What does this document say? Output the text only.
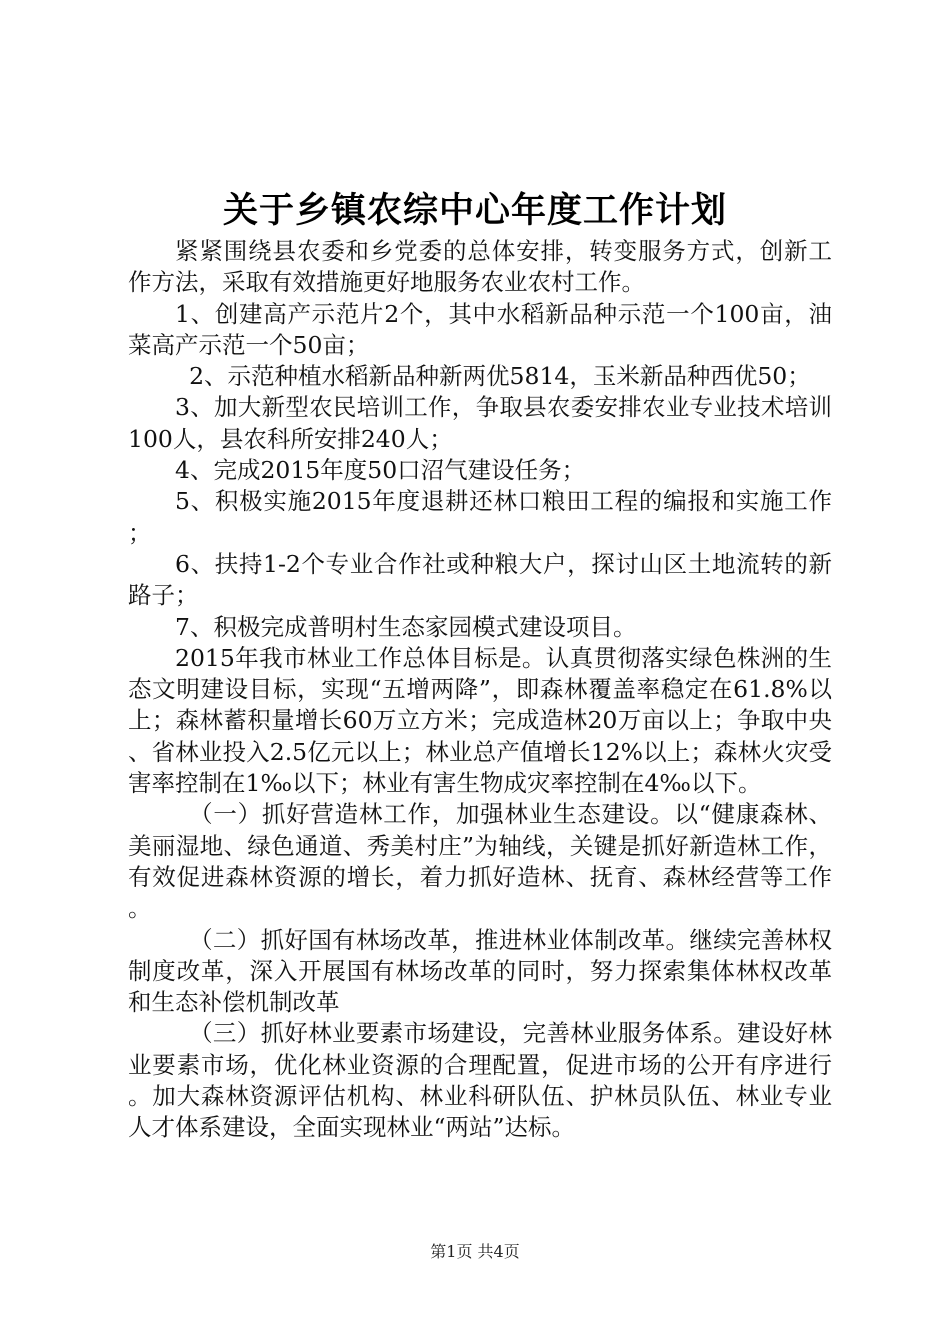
关于乡镇农综中心年度工作计划

紧紧围绕县农委和乡党委的总体安排，转变服务方式，创新工作方法，采取有效措施更好地服务农业农村工作。

1、创建高产示范片2个，其中水稻新品种示范一个100亩，油菜高产示范一个50亩；

2、示范种植水稻新品种新两优5814，玉米新品种西优50；

3、加大新型农民培训工作，争取县农委安排农业专业技术培训100人，县农科所安排240人；

4、完成2015年度50口沼气建设任务；

5、积极实施2015年度退耕还林口粮田工程的编报和实施工作；

6、扶持1-2个专业合作社或种粮大户，探讨山区土地流转的新路子；

7、积极完成普明村生态家园模式建设项目。

2015年我市林业工作总体目标是。认真贯彻落实绿色株洲的生态文明建设目标，实现“五增两降”，即森林覆盖率稳定在61.8%以上；森林蓄积量增长60万立方米；完成造林20万亩以上；争取中央、省林业投入2.5亿元以上；林业总产值增长12%以上；森林火灾受害率控制在1‰以下；林业有害生物成灾率控制在4‰以下。

（一）抓好营造林工作，加强林业生态建设。以“健康森林、美丽湿地、绿色通道、秀美村庄”为轴线，关键是抓好新造林工作，有效促进森林资源的增长，着力抓好造林、抚育、森林经营等工作。

（二）抓好国有林场改革，推进林业体制改革。继续完善林权制度改革，深入开展国有林场改革的同时，努力探索集体林权改革和生态补偿机制改革

（三）抓好林业要素市场建设，完善林业服务体系。建设好林业要素市场，优化林业资源的合理配置，促进市场的公开有序进行。加大森林资源评估机构、林业科研队伍、护林员队伍、林业专业人才体系建设，全面实现林业“两站”达标。

第1页 共4页
